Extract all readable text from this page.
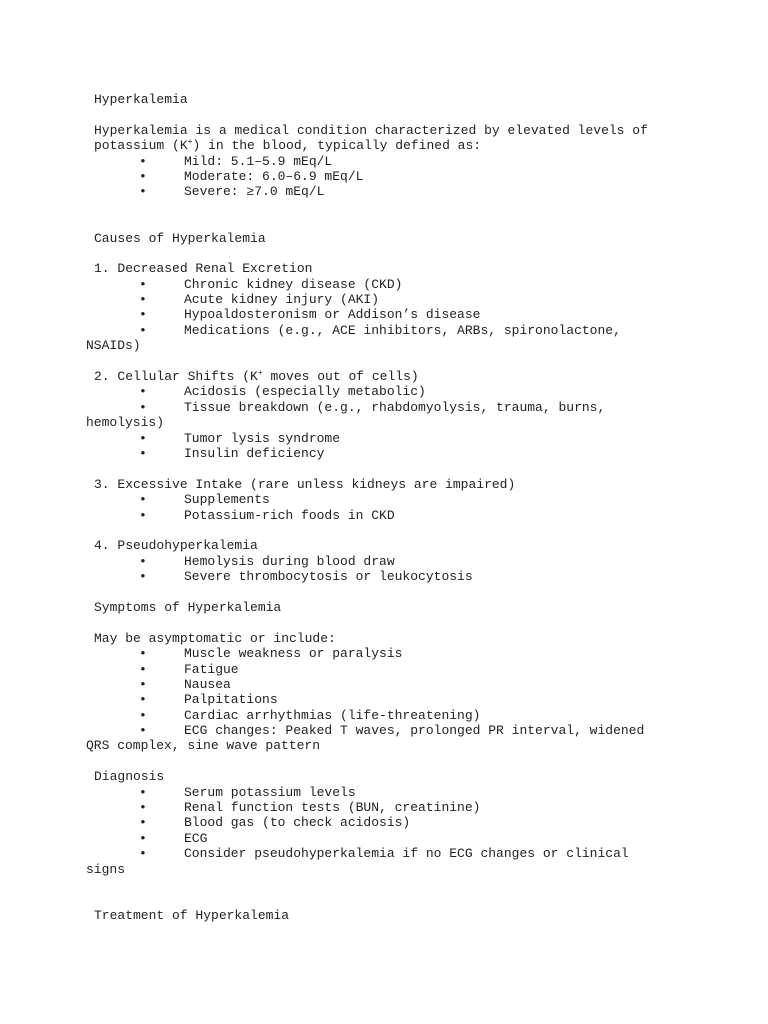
Hyperkalemia
Hyperkalemia is a medical condition characterized by elevated levels of
potassium (K+) in the blood, typically defined as:
•	Mild: 5.1–5.9 mEq/L
•	Moderate: 6.0–6.9 mEq/L
•	Severe: ≥7.0 mEq/L
Causes of Hyperkalemia
1. Decreased Renal Excretion
•	Chronic kidney disease (CKD)
•	Acute kidney injury (AKI)
•	Hypoaldosteronism or Addison’s disease
•	Medications (e.g., ACE inhibitors, ARBs, spironolactone,
NSAIDs)
2. Cellular Shifts (K+ moves out of cells)
•	Acidosis (especially metabolic)
•	Tissue breakdown (e.g., rhabdomyolysis, trauma, burns,
hemolysis)
•	Tumor lysis syndrome
•	Insulin deficiency
3. Excessive Intake (rare unless kidneys are impaired)
•	Supplements
•	Potassium-rich foods in CKD
4. Pseudohyperkalemia
•	Hemolysis during blood draw
•	Severe thrombocytosis or leukocytosis
Symptoms of Hyperkalemia
May be asymptomatic or include:
•	Muscle weakness or paralysis
•	Fatigue
•	Nausea
•	Palpitations
•	Cardiac arrhythmias (life-threatening)
•	ECG changes: Peaked T waves, prolonged PR interval, widened
QRS complex, sine wave pattern
Diagnosis
•	Serum potassium levels
•	Renal function tests (BUN, creatinine)
•	Blood gas (to check acidosis)
•	ECG
•	Consider pseudohyperkalemia if no ECG changes or clinical
signs
Treatment of Hyperkalemia
